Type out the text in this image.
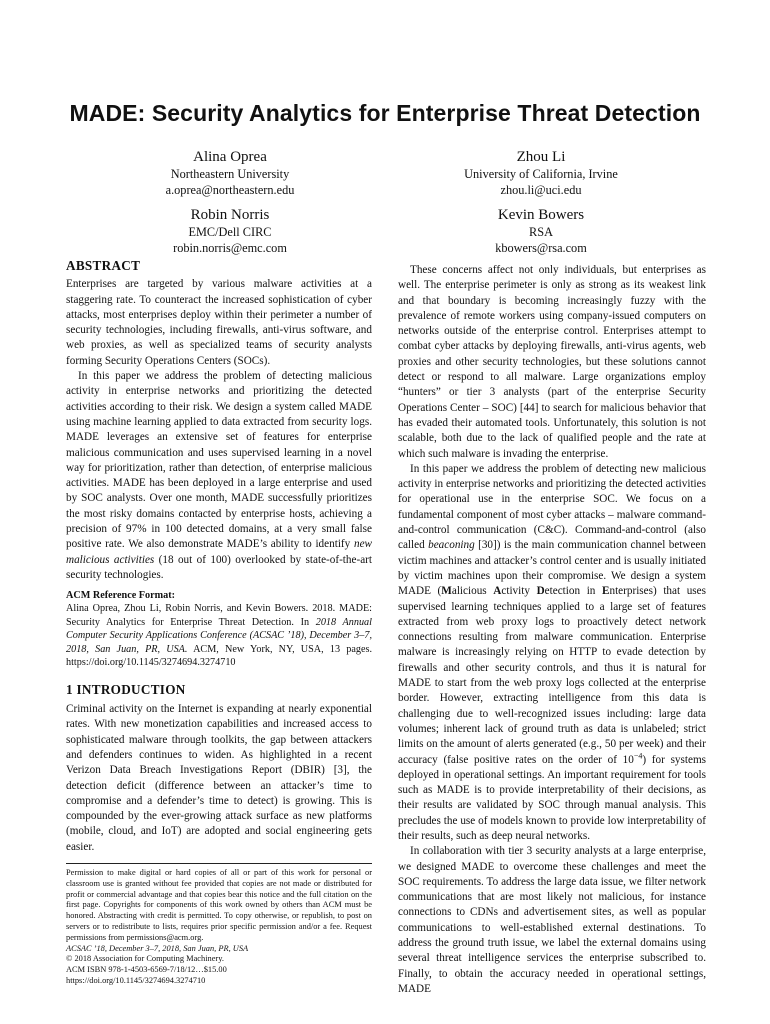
MADE: Security Analytics for Enterprise Threat Detection
Alina Oprea
Northeastern University
a.oprea@northeastern.edu
Zhou Li
University of California, Irvine
zhou.li@uci.edu
Robin Norris
EMC/Dell CIRC
robin.norris@emc.com
Kevin Bowers
RSA
kbowers@rsa.com
ABSTRACT

Enterprises are targeted by various malware activities at a staggering rate. To counteract the increased sophistication of cyber attacks, most enterprises deploy within their perimeter a number of security technologies, including firewalls, anti-virus software, and web proxies, as well as specialized teams of security analysts forming Security Operations Centers (SOCs).

In this paper we address the problem of detecting malicious activity in enterprise networks and prioritizing the detected activities according to their risk. We design a system called MADE using machine learning applied to data extracted from security logs. MADE leverages an extensive set of features for enterprise malicious communication and uses supervised learning in a novel way for prioritization, rather than detection, of enterprise malicious activities. MADE has been deployed in a large enterprise and used by SOC analysts. Over one month, MADE successfully prioritizes the most risky domains contacted by enterprise hosts, achieving a precision of 97% in 100 detected domains, at a very small false positive rate. We also demonstrate MADE’s ability to identify new malicious activities (18 out of 100) overlooked by state-of-the-art security technologies.

ACM Reference Format:

Alina Oprea, Zhou Li, Robin Norris, and Kevin Bowers. 2018. MADE: Security Analytics for Enterprise Threat Detection. In 2018 Annual Computer Security Applications Conference (ACSAC ’18), December 3–7, 2018, San Juan, PR, USA. ACM, New York, NY, USA, 13 pages. https://doi.org/10.1145/3274694.3274710

1 INTRODUCTION

Criminal activity on the Internet is expanding at nearly exponential rates. With new monetization capabilities and increased access to sophisticated malware through toolkits, the gap between attackers and defenders continues to widen. As highlighted in a recent Verizon Data Breach Investigations Report (DBIR) [3], the detection deficit (difference between an attacker’s time to compromise and a defender’s time to detect) is growing. This is compounded by the ever-growing attack surface as new platforms (mobile, cloud, and IoT) are adopted and social engineering gets easier.

Permission to make digital or hard copies of all or part of this work for personal or classroom use is granted without fee provided that copies are not made or distributed for profit or commercial advantage and that copies bear this notice and the full citation on the first page. Copyrights for components of this work owned by others than ACM must be honored. Abstracting with credit is permitted. To copy otherwise, or republish, to post on servers or to redistribute to lists, requires prior specific permission and/or a fee. Request permissions from permissions@acm.org.
ACSAC ’18, December 3–7, 2018, San Juan, PR, USA
© 2018 Association for Computing Machinery.
ACM ISBN 978-1-4503-6569-7/18/12…$15.00
https://doi.org/10.1145/3274694.3274710

These concerns affect not only individuals, but enterprises as well. The enterprise perimeter is only as strong as its weakest link and that boundary is becoming increasingly fuzzy with the prevalence of remote workers using company-issued computers on networks outside of the enterprise control. Enterprises attempt to combat cyber attacks by deploying firewalls, anti-virus agents, web proxies and other security technologies, but these solutions cannot detect or respond to all malware. Large organizations employ “hunters” or tier 3 analysts (part of the enterprise Security Operations Center – SOC) [44] to search for malicious behavior that has evaded their automated tools. Unfortunately, this solution is not scalable, both due to the lack of qualified people and the rate at which such malware is invading the enterprise.

In this paper we address the problem of detecting new malicious activity in enterprise networks and prioritizing the detected activities for operational use in the enterprise SOC. We focus on a fundamental component of most cyber attacks – malware command-and-control communication (C&C). Command-and-control (also called beaconing [30]) is the main communication channel between victim machines and attacker’s control center and is usually initiated by victim machines upon their compromise. We design a system MADE (Malicious Activity Detection in Enterprises) that uses supervised learning techniques applied to a large set of features extracted from web proxy logs to proactively detect network connections resulting from malware communication. Enterprise malware is increasingly relying on HTTP to evade detection by firewalls and other security controls, and thus it is natural for MADE to start from the web proxy logs collected at the enterprise border. However, extracting intelligence from this data is challenging due to well-recognized issues including: large data volumes; inherent lack of ground truth as data is unlabeled; strict limits on the amount of alerts generated (e.g., 50 per week) and their accuracy (false positive rates on the order of $10^{-4}$) for systems deployed in operational settings. An important requirement for tools such as MADE is to provide interpretability of their decisions, as their results are validated by SOC through manual analysis. This precludes the use of models known to provide low interpretability of their results, such as deep neural networks.

In collaboration with tier 3 security analysts at a large enterprise, we designed MADE to overcome these challenges and meet the SOC requirements. To address the large data issue, we filter network communications that are most likely not malicious, for instance connections to CDNs and advertisement sites, as well as popular communications to well-established external destinations. To address the ground truth issue, we label the external domains using several threat intelligence services the enterprise subscribed to. Finally, to obtain the accuracy needed in operational settings, MADE
